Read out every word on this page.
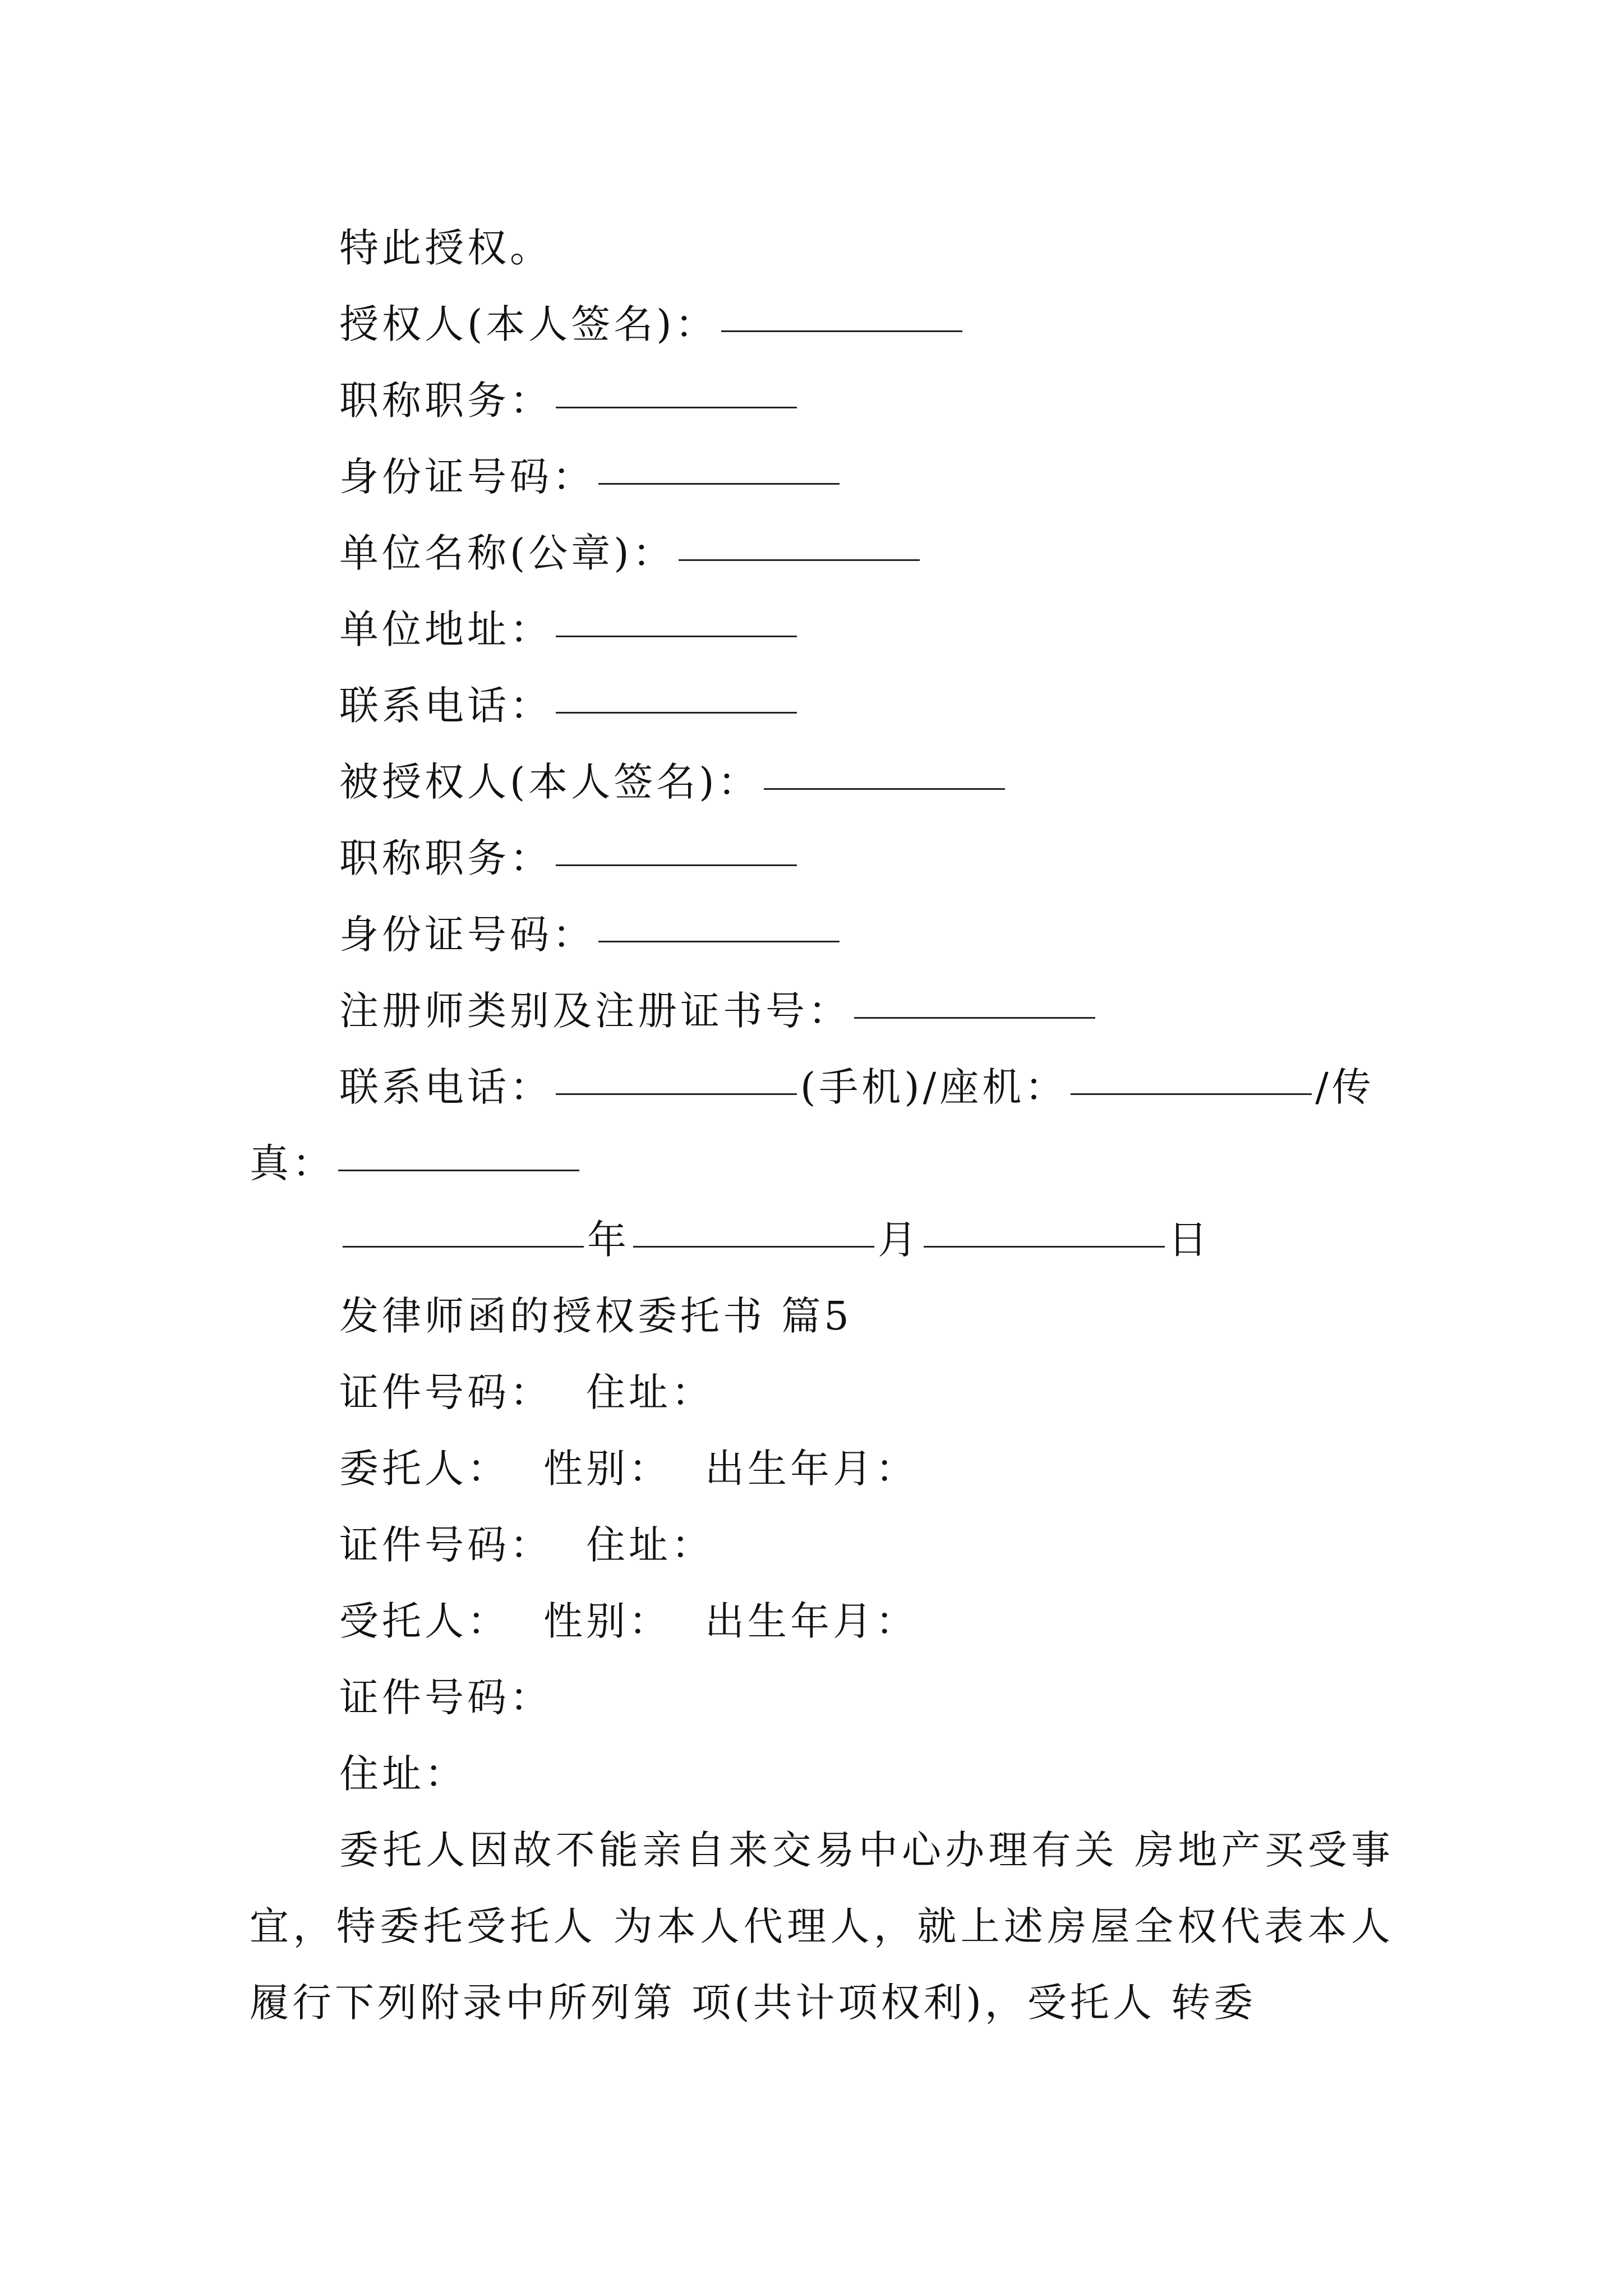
特此授权。
授权人(本人签名)：
职称职务：
身份证号码：
单位名称(公章)：
单位地址：
联系电话：
被授权人(本人签名)：
职称职务：
身份证号码：
注册师类别及注册证书号：
联系电话：	(手机)/座机：	/传
真：
年	月	日
发律师函的授权委托书 篇5
证件号码： 住址：
委托人： 性别： 出生年月：
证件号码： 住址：
受托人： 性别： 出生年月：
证件号码：
住址：
委托人因故不能亲自来交易中心办理有关 房地产买受事宜，特委托受托人 为本人代理人，就上述房屋全权代表本人履行下列附录中所列第 项(共计项权利)，受托人 转委
